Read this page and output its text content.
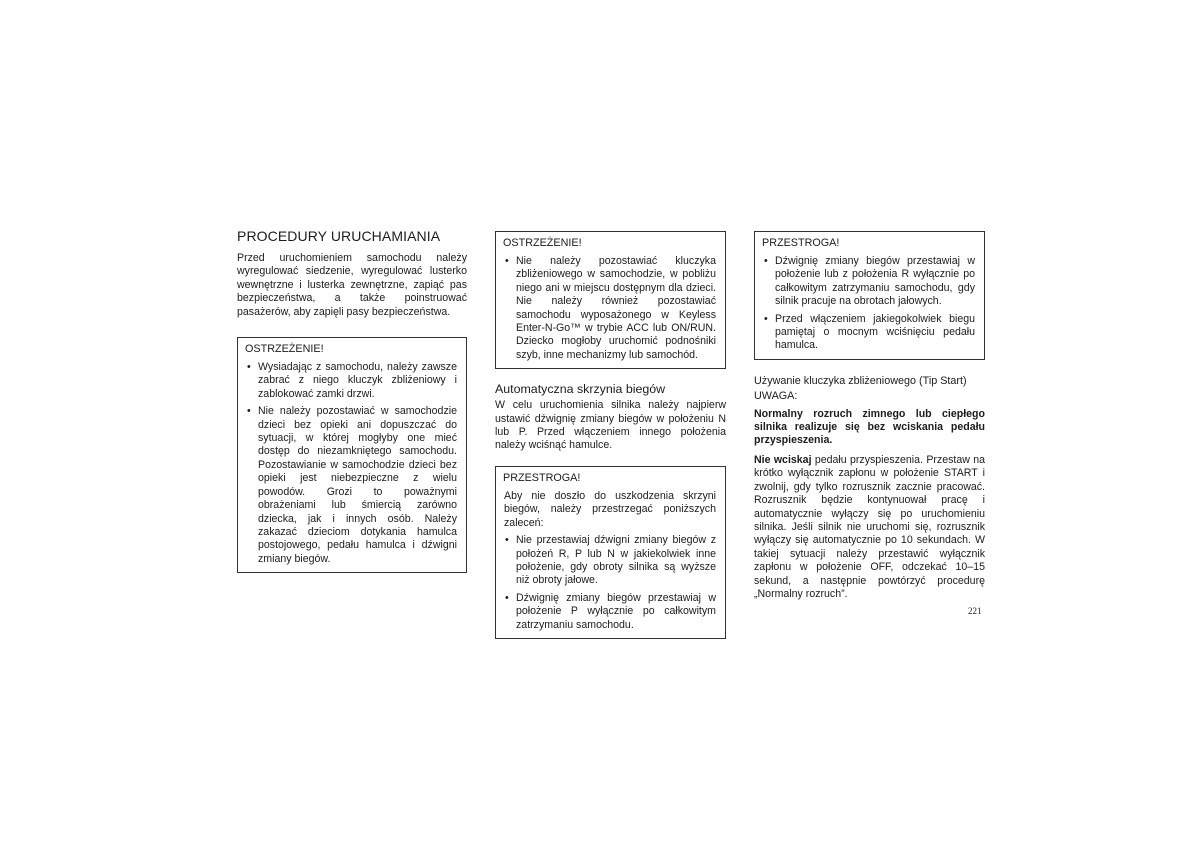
PROCEDURY URUCHAMIANIA

Przed uruchomieniem samochodu należy wyregulować siedzenie, wyregulować lusterko wewnętrzne i lusterka zewnętrzne, zapiąć pas bezpieczeństwa, a także poinstruować pasażerów, aby zapięli pasy bezpieczeństwa.

OSTRZEŻENIE!
• Wysiadając z samochodu, należy zawsze zabrać z niego kluczyk zbliżeniowy i zablokować zamki drzwi.
• Nie należy pozostawiać w samochodzie dzieci bez opieki ani dopuszczać do sytuacji, w której mogłyby one mieć dostęp do niezamkniętego samochodu. Pozostawianie w samochodzie dzieci bez opieki jest niebezpieczne z wielu powodów. Grozi to poważnymi obrażeniami lub śmiercią zarówno dziecka, jak i innych osób. Należy zakazać dzieciom dotykania hamulca postojowego, pedału hamulca i dźwigni zmiany biegów.
OSTRZEŻENIE!
• Nie należy pozostawiać kluczyka zbliżeniowego w samochodzie, w pobliżu niego ani w miejscu dostępnym dla dzieci. Nie należy również pozostawiać samochodu wyposażonego w Keyless Enter-N-Go™ w trybie ACC lub ON/RUN. Dziecko mogłoby uruchomić podnośniki szyb, inne mechanizmy lub samochód.
Automatyczna skrzynia biegów

W celu uruchomienia silnika należy najpierw ustawić dźwignię zmiany biegów w położeniu N lub P. Przed włączeniem innego położenia należy wciśnąć hamulce.

PRZESTROGA!

Aby nie doszło do uszkodzenia skrzyni biegów, należy przestrzegać poniższych zaleceń:

• Nie przestawiaj dźwigni zmiany biegów z położeń R, P lub N w jakiekolwiek inne położenie, gdy obroty silnika są wyższe niż obroty jałowe.
• Dźwignię zmiany biegów przestawiaj w położenie P wyłącznie po całkowitym zatrzymaniu samochodu.
PRZESTROGA!
• Dźwignię zmiany biegów przestawiaj w położenie lub z położenia R wyłącznie po całkowitym zatrzymaniu samochodu, gdy silnik pracuje na obrotach jałowych.
• Przed włączeniem jakiegokolwiek biegu pamiętaj o mocnym wciśnięciu pedału hamulca.
Używanie kluczyka zbliżeniowego (Tip Start)
UWAGA:

Normalny rozruch zimnego lub ciepłego silnika realizuje się bez wciskania pedału przyspieszenia.

Nie wciskaj pedału przyspieszenia. Przestaw na krótko wyłącznik zapłonu w położenie START i zwolnij, gdy tylko rozrusznik zacznie pracować. Rozrusznik będzie kontynuował pracę i automatycznie wyłączy się po uruchomieniu silnika. Jeśli silnik nie uruchomi się, rozrusznik wyłączy się automatycznie po 10 sekundach. W takiej sytuacji należy przestawić wyłącznik zapłonu w położenie OFF, odczekać 10–15 sekund, a następnie powtórzyć procedurę „Normalny rozruch”.

221
